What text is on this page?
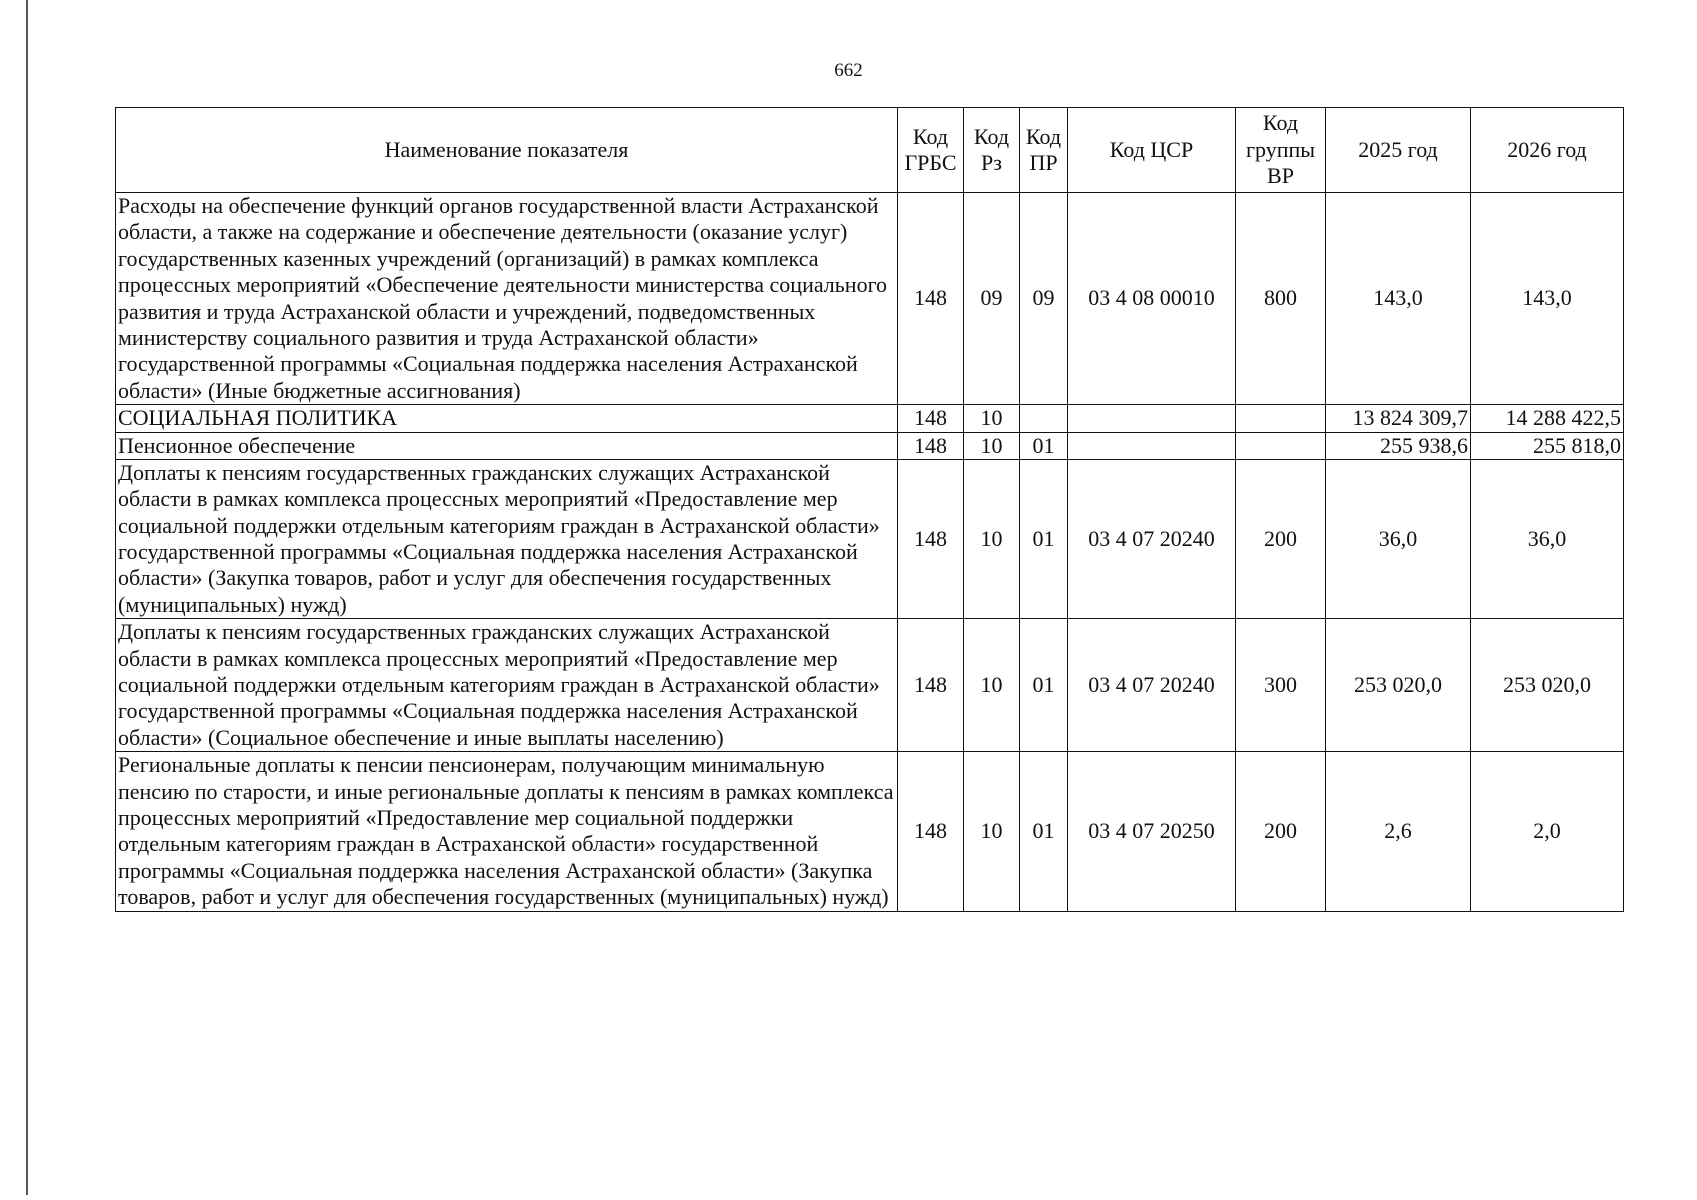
662
Наименование показателя	Код ГРБС	Код Рз	Код ПР	Код ЦСР	Код группы ВР	2025 год	2026 год
Расходы на обеспечение функций органов государственной власти Астраханской области, а также на содержание и обеспечение деятельности (оказание услуг) государственных казенных учреждений (организаций) в рамках комплекса процессных мероприятий «Обеспечение деятельности министерства социального развития и труда Астраханской области и учреждений, подведомственных министерству социального развития и труда Астраханской области» государственной программы «Социальная поддержка населения Астраханской области» (Иные бюджетные ассигнования)	148	09	09	03 4 08 00010	800	143,0	143,0
СОЦИАЛЬНАЯ ПОЛИТИКА	148	10				13 824 309,7	14 288 422,5
Пенсионное обеспечение	148	10	01			255 938,6	255 818,0
Доплаты к пенсиям государственных гражданских служащих Астраханской области в рамках комплекса процессных мероприятий «Предоставление мер социальной поддержки отдельным категориям граждан в Астраханской области» государственной программы «Социальная поддержка населения Астраханской области» (Закупка товаров, работ и услуг для обеспечения государственных (муниципальных) нужд)	148	10	01	03 4 07 20240	200	36,0	36,0
Доплаты к пенсиям государственных гражданских служащих Астраханской области в рамках комплекса процессных мероприятий «Предоставление мер социальной поддержки отдельным категориям граждан в Астраханской области» государственной программы «Социальная поддержка населения Астраханской области» (Социальное обеспечение и иные выплаты населению)	148	10	01	03 4 07 20240	300	253 020,0	253 020,0
Региональные доплаты к пенсии пенсионерам, получающим минимальную пенсию по старости, и иные региональные доплаты к пенсиям в рамках комплекса процессных мероприятий «Предоставление мер социальной поддержки отдельным категориям граждан в Астраханской области» государственной программы «Социальная поддержка населения Астраханской области» (Закупка товаров, работ и услуг для обеспечения государственных (муниципальных) нужд)	148	10	01	03 4 07 20250	200	2,6	2,0
